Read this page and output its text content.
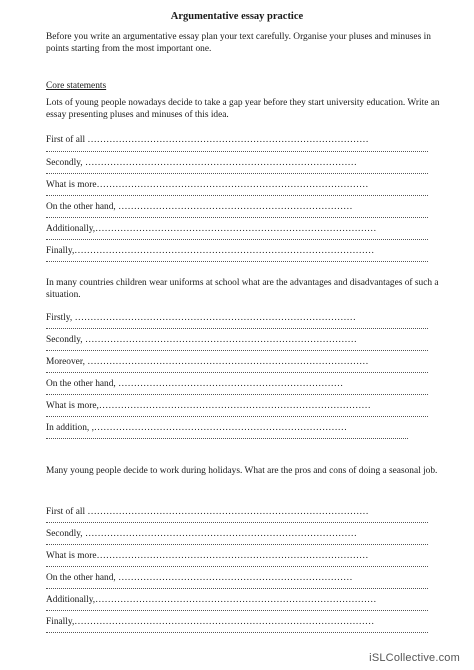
Argumentative essay practice
Before you write an argumentative essay plan your text carefully. Organise your pluses and minuses in points starting from the most important one.
Core statements
Lots of young people nowadays decide to take a gap year before they start university education. Write an essay presenting pluses and minuses of this idea.
First of all ………………………………………………………………………………
Secondly, ……………………………………………………………………………
What is more……………………………………………………………………………
On the other hand, …………………………………………………………………
Additionally,………………………………………………………………………………
Finally,……………………………………………………………………………………
In many countries children wear uniforms at school what are the advantages and disadvantages of such a situation.
Firstly, ………………………………………………………………………………
Secondly, ……………………………………………………………………………
Moreover, ………………………………………………………………………………
On the other hand, ………………………………………………………………
What is more,……………………………………………………………………………
In addition, ,………………………………………………………………………
Many young people decide to work during holidays. What are the pros and cons of doing a seasonal job.
First of all ………………………………………………………………………………
Secondly, ……………………………………………………………………………
What is more……………………………………………………………………………
On the other hand, …………………………………………………………………
Additionally,………………………………………………………………………………
Finally,……………………………………………………………………………………
iSLCollective.com
